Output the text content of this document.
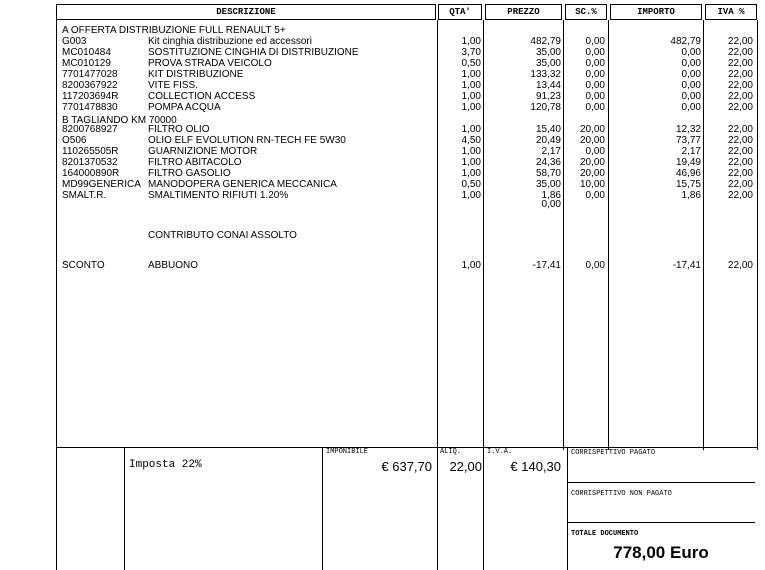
DESCRIZIONE	QTA'	PREZZO	SC.%	IMPORTO	IVA %
A OFFERTA DISTRIBUZIONE FULL RENAULT 5+
G003	Kit cinghia distribuzione ed accessori	1,00	482,79	0,00	482,79	22,00
MC010484	SOSTITUZIONE CINGHIA DI DISTRIBUZIONE	3,70	35,00	0,00	0,00	22,00
MC010129	PROVA STRADA VEICOLO	0,50	35,00	0,00	0,00	22,00
7701477028	KIT DISTRIBUZIONE	1,00	133,32	0,00	0,00	22,00
8200367922	VITE FISS.	1,00	13,44	0,00	0,00	22,00
117203694R	COLLECTION ACCESS	1,00	91,23	0,00	0,00	22,00
7701478830	POMPA ACQUA	1,00	120,78	0,00	0,00	22,00
B TAGLIANDO KM 70000
8200768927	FILTRO OLIO	1,00	15,40	20,00	12,32	22,00
O506	OLIO ELF EVOLUTION RN-TECH FE 5W30	4,50	20,49	20,00	73,77	22,00
110265505R	GUARNIZIONE MOTOR	1,00	2,17	0,00	2,17	22,00
8201370532	FILTRO ABITACOLO	1,00	24,36	20,00	19,49	22,00
164000890R	FILTRO GASOLIO	1,00	58,70	20,00	46,96	22,00
MD99GENERICA MANODOPERA GENERICA MECCANICA	0,50	35,00	10,00	15,75	22,00
SMALT.R.	SMALTIMENTO RIFIUTI 1.20%	1,00	1,86	0,00	1,86	22,00
0,00
CONTRIBUTO CONAI ASSOLTO
SCONTO	ABBUONO	1,00	-17,41	0,00	-17,41	22,00
Imposta 22%
IMPONIBILE
€ 637,70
ALIQ.
22,00
I.V.A.
€ 140,30
CORRISPETTIVO PAGATO
CORRISPETTIVO NON PAGATO
TOTALE DOCUMENTO
778,00 Euro
